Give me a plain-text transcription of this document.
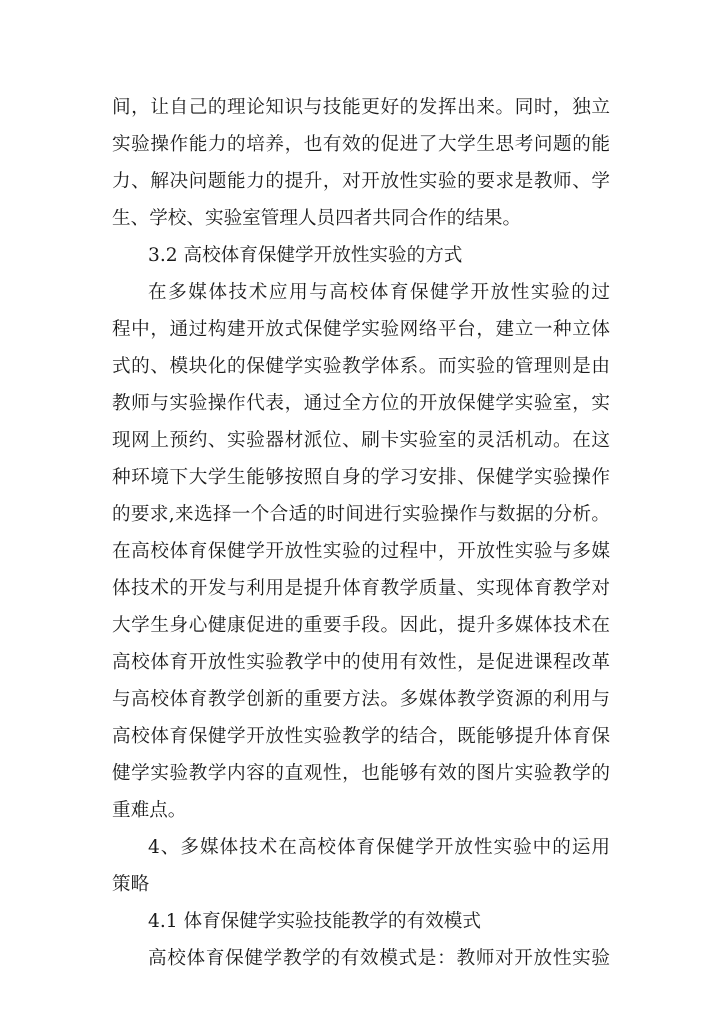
间，让自己的理论知识与技能更好的发挥出来。同时，独立
实验操作能力的培养，也有效的促进了大学生思考问题的能
力、解决问题能力的提升，对开放性实验的要求是教师、学
生、学校、实验室管理人员四者共同合作的结果。
3.2 高校体育保健学开放性实验的方式
在多媒体技术应用与高校体育保健学开放性实验的过
程中，通过构建开放式保健学实验网络平台，建立一种立体
式的、模块化的保健学实验教学体系。而实验的管理则是由
教师与实验操作代表，通过全方位的开放保健学实验室，实
现网上预约、实验器材派位、刷卡实验室的灵活机动。在这
种环境下大学生能够按照自身的学习安排、保健学实验操作
的要求,来选择一个合适的时间进行实验操作与数据的分析。
在高校体育保健学开放性实验的过程中，开放性实验与多媒
体技术的开发与利用是提升体育教学质量、实现体育教学对
大学生身心健康促进的重要手段。因此，提升多媒体技术在
高校体育开放性实验教学中的使用有效性，是促进课程改革
与高校体育教学创新的重要方法。多媒体教学资源的利用与
高校体育保健学开放性实验教学的结合，既能够提升体育保
健学实验教学内容的直观性，也能够有效的图片实验教学的
重难点。
4、多媒体技术在高校体育保健学开放性实验中的运用
策略
4.1 体育保健学实验技能教学的有效模式
高校体育保健学教学的有效模式是：教师对开放性实验
